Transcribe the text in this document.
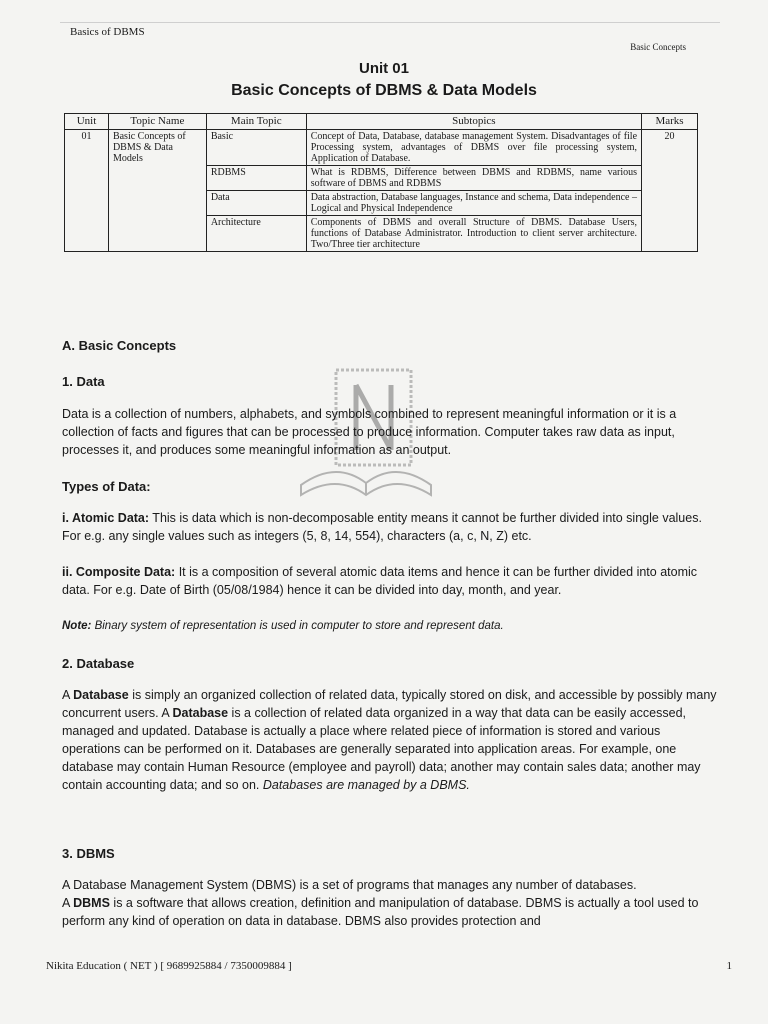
Basics of DBMS
Basic Concepts
Unit 01
Basic Concepts of DBMS & Data Models
Unit	Topic Name	Main Topic	Subtopics	Marks
01	Basic Concepts of DBMS & Data Models	Basic	Concept of Data, Database, database management System. Disadvantages of file Processing system, advantages of DBMS over file processing system, Application of Database.	20
		RDBMS	What is RDBMS, Difference between DBMS and RDBMS, name various software of DBMS and RDBMS	
		Data	Data abstraction, Database languages, Instance and schema, Data independence – Logical and Physical Independence	
		Architecture	Components of DBMS and overall Structure of DBMS. Database Users, functions of Database Administrator. Introduction to client server architecture. Two/Three tier architecture	
A. Basic Concepts
1. Data
Data is a collection of numbers, alphabets, and symbols combined to represent meaningful information or it is a collection of facts and figures that can be processed to produce information. Computer takes raw data as input, processes it, and produces some meaningful information as an output.
Types of Data:
i. Atomic Data: This is data which is non-decomposable entity means it cannot be further divided into single values. For e.g. any single values such as integers (5, 8, 14, 554), characters (a, c, N, Z) etc.
ii. Composite Data: It is a composition of several atomic data items and hence it can be further divided into atomic data. For e.g. Date of Birth (05/08/1984) hence it can be divided into day, month, and year.
Note: Binary system of representation is used in computer to store and represent data.
2. Database
A Database is simply an organized collection of related data, typically stored on disk, and accessible by possibly many concurrent users. A Database is a collection of related data organized in a way that data can be easily accessed, managed and updated. Database is actually a place where related piece of information is stored and various operations can be performed on it. Databases are generally separated into application areas. For example, one database may contain Human Resource (employee and payroll) data; another may contain sales data; another may contain accounting data; and so on. Databases are managed by a DBMS.
3. DBMS
A Database Management System (DBMS) is a set of programs that manages any number of databases.
A DBMS is a software that allows creation, definition and manipulation of database. DBMS is actually a tool used to perform any kind of operation on data in database. DBMS also provides protection and
Nikita Education ( NET ) [ 9689925884 / 7350009884 ]	1
